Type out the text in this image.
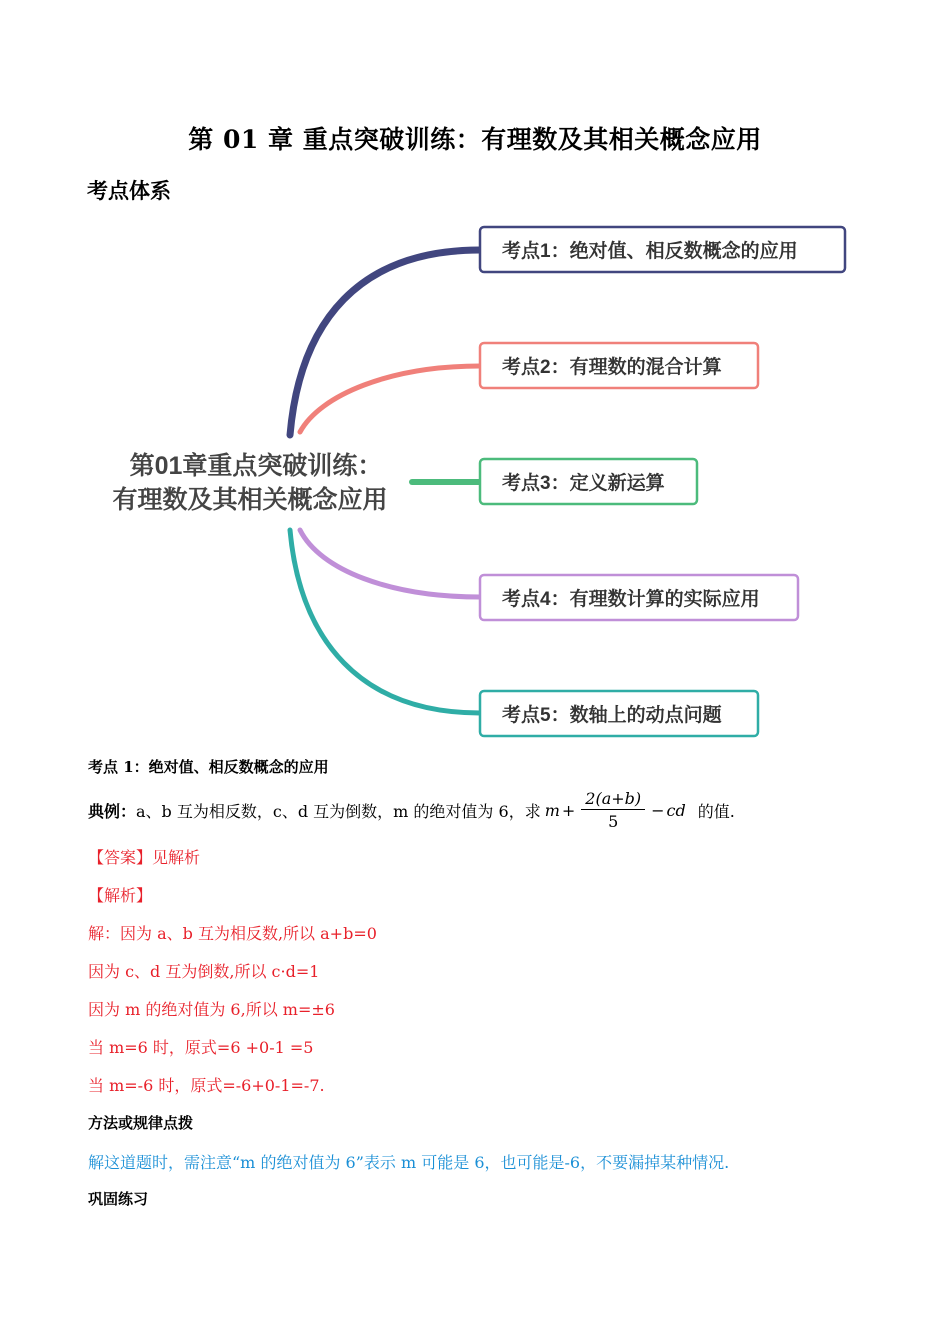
第 01 章 重点突破训练：有理数及其相关概念应用
考点体系
第01章重点突破训练：
有理数及其相关概念应用
考点1：绝对值、相反数概念的应用
考点2：有理数的混合计算
考点3：定义新运算
考点4：有理数计算的实际应用
考点5：数轴上的动点问题
考点 1：绝对值、相反数概念的应用
典例： a、b 互为相反数，c、d 互为倒数，m 的绝对值为 6，求 $m + \frac{2(a+b)}{5}$ − cd 的值.
【答案】见解析
【解析】
解：因为 a、b 互为相反数,所以 a+b=0
因为 c、d 互为倒数,所以 c·d=1
因为 m 的绝对值为 6,所以 m=±6
当 m=6 时，原式=6 +0-1 =5
当 m=-6 时，原式=-6+0-1=-7.
方法或规律点拨
解这道题时，需注意“m 的绝对值为 6”表示 m 可能是 6，也可能是-6，不要漏掉某种情况.
巩固练习
